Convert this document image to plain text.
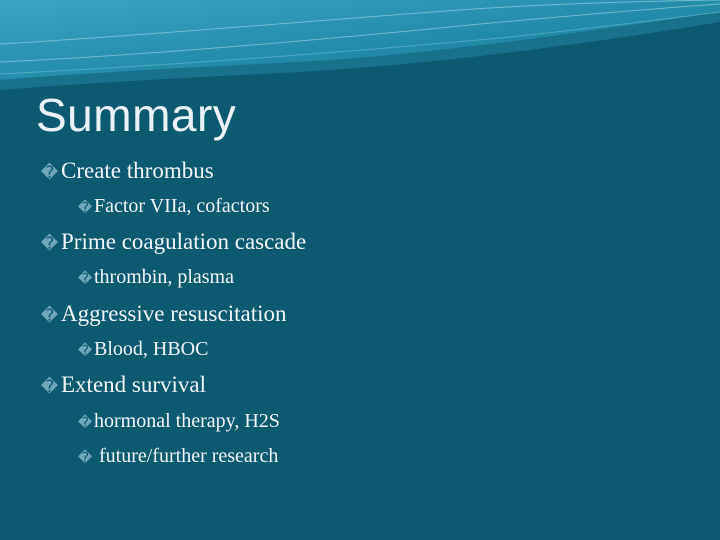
Summary
� Create thrombus
�Factor VIIa, cofactors
� Prime coagulation cascade
�thrombin, plasma
� Aggressive resuscitation
�Blood, HBOC
� Extend survival
�hormonal therapy, H2S
� future/further research
